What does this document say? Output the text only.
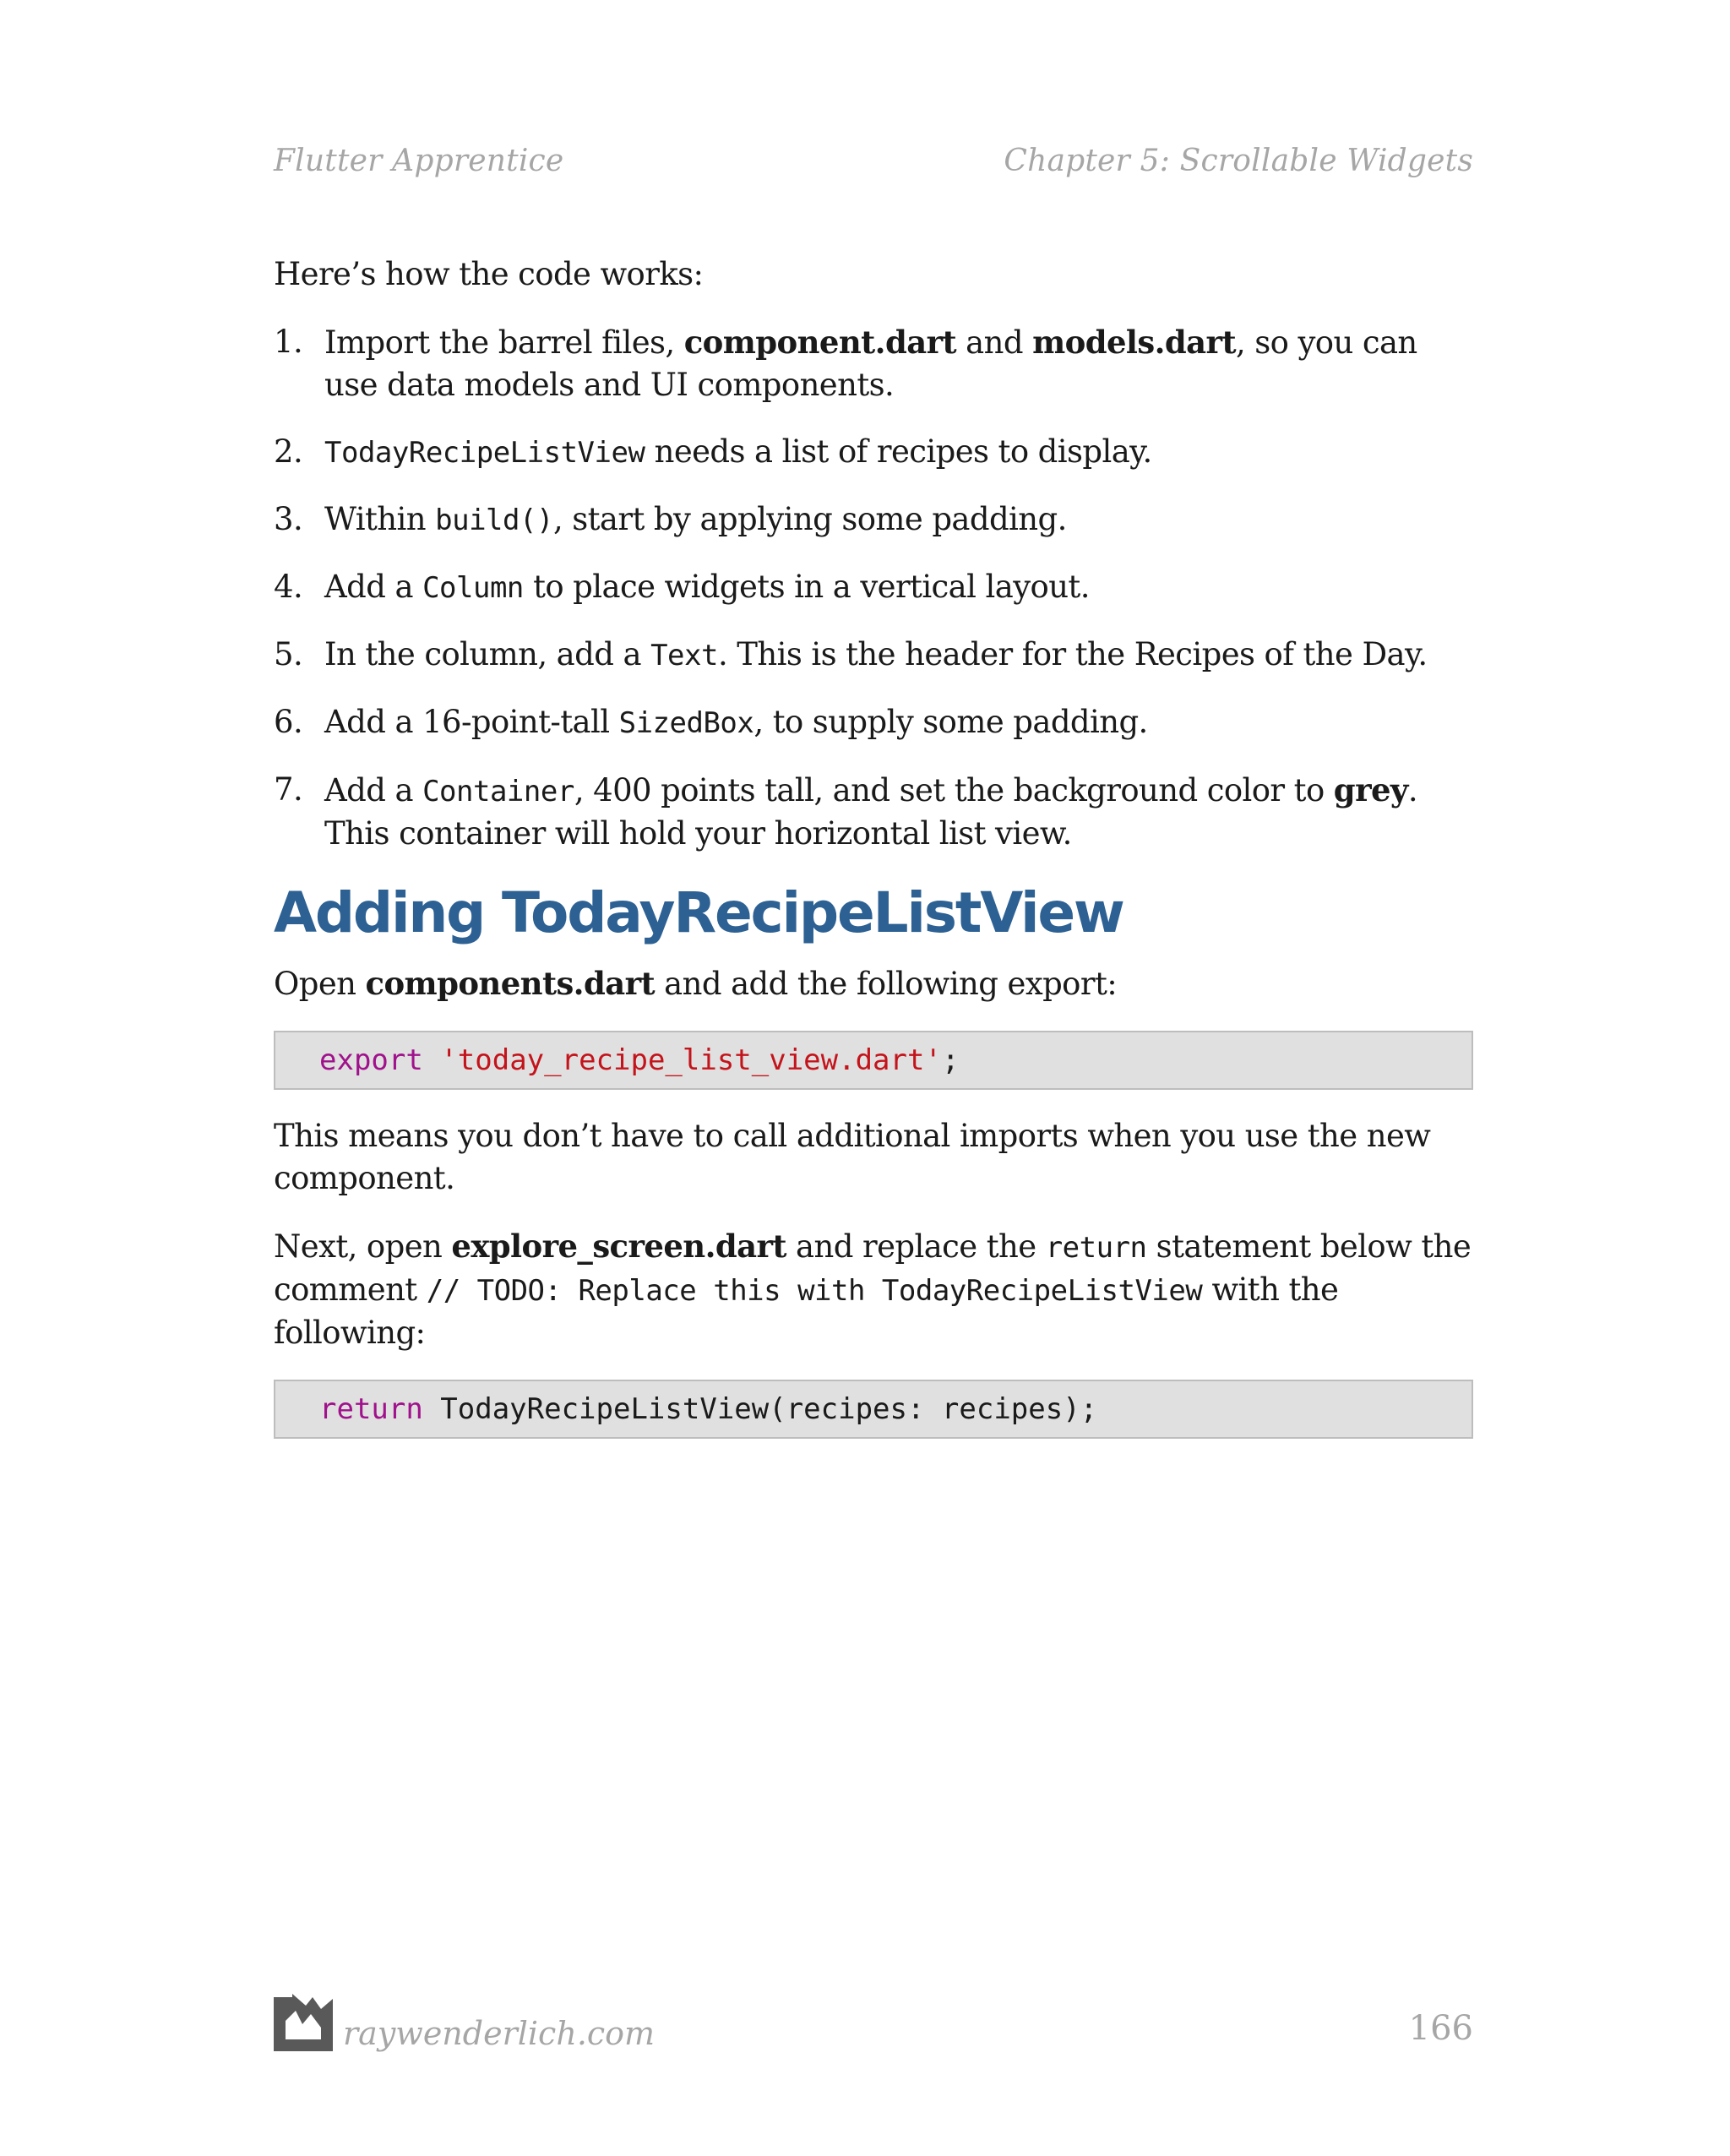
Flutter Apprentice	Chapter 5: Scrollable Widgets

Here’s how the code works:

1. Import the barrel files, component.dart and models.dart, so you can use data models and UI components.
2. TodayRecipeListView needs a list of recipes to display.
3. Within build(), start by applying some padding.
4. Add a Column to place widgets in a vertical layout.
5. In the column, add a Text. This is the header for the Recipes of the Day.
6. Add a 16-point-tall SizedBox, to supply some padding.
7. Add a Container, 400 points tall, and set the background color to grey. This container will hold your horizontal list view.
Adding TodayRecipeListView

Open components.dart and add the following export:

export 'today_recipe_list_view.dart';

This means you don’t have to call additional imports when you use the new component.

Next, open explore_screen.dart and replace the return statement below the comment // TODO: Replace this with TodayRecipeListView with the following:

return TodayRecipeListView(recipes: recipes);
raywenderlich.com	166
